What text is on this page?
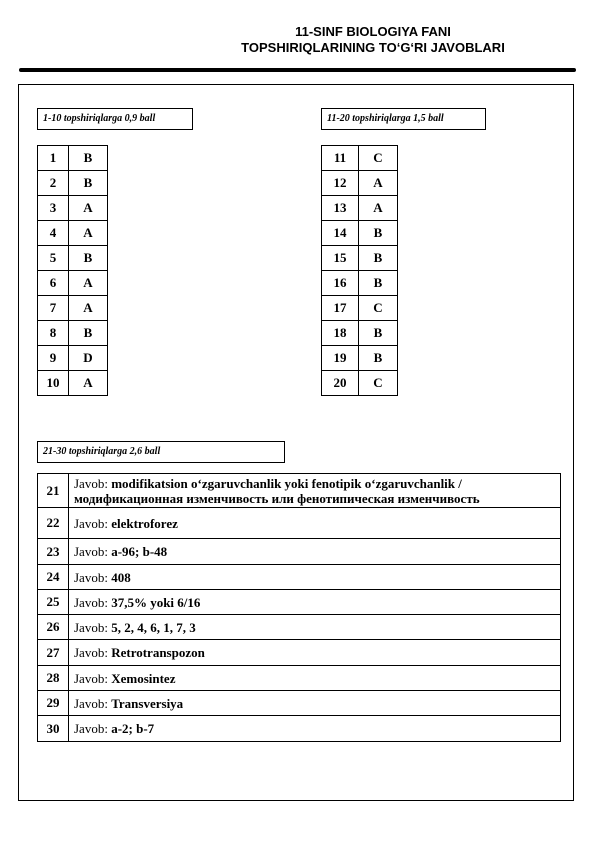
11-SINF BIOLOGIYA FANI
TOPSHIRIQLARINING TO‘G‘RI JAVOBLARI
1-10 topshiriqlarga 0,9 ball	11-20 topshiriqlarga 1,5 ball
1	B
2	B
3	A
4	A
5	B
6	A
7	A
8	B
9	D
10	A
11	C
12	A
13	A
14	B
15	B
16	B
17	C
18	B
19	B
20	C
21-30 topshiriqlarga 2,6 ball
21	Javob: modifikatsion o‘zgaruvchanlik yoki fenotipik o‘zgaruvchanlik / модификационная изменчивость или фенотипическая изменчивость
22	Javob: elektroforez
23	Javob: a-96; b-48
24	Javob: 408
25	Javob: 37,5% yoki 6/16
26	Javob: 5, 2, 4, 6, 1, 7, 3
27	Javob: Retrotranspozon
28	Javob: Xemosintez
29	Javob: Transversiya
30	Javob: a-2; b-7
